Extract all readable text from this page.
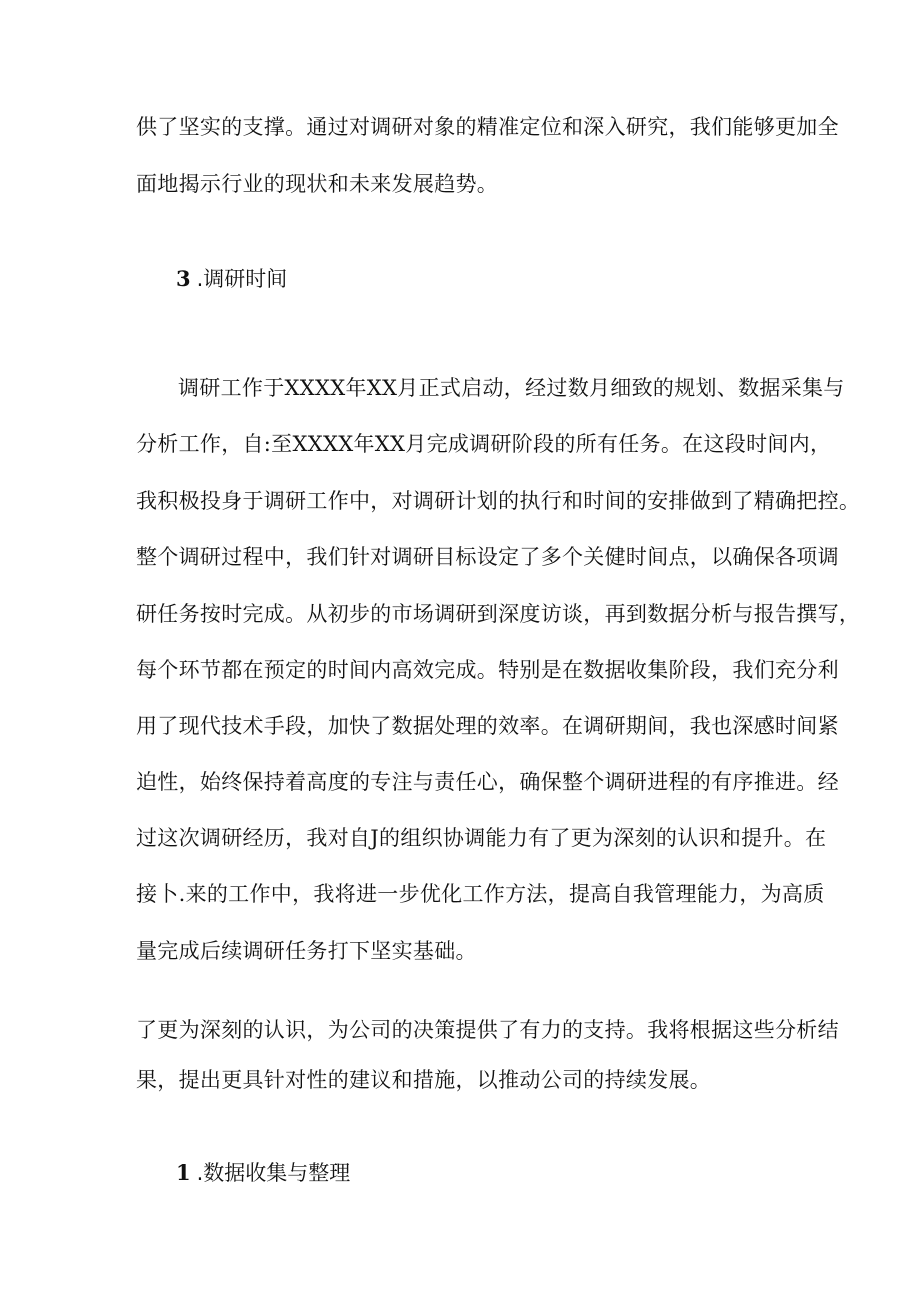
供了坚实的支撑。通过对调研对象的精准定位和深入研究，我们能够更加全
面地揭示行业的现状和未来发展趋势。
3 .调研时间
调研工作于XXXX年XX月正式启动，经过数月细致的规划、数据采集与
分析工作，自:至XXXX年XX月完成调研阶段的所有任务。在这段时间内，
我积极投身于调研工作中，对调研计划的执行和时间的安排做到了精确把控。
整个调研过程中，我们针对调研目标设定了多个关健时间点，以确保各项调
研任务按时完成。从初步的市场调研到深度访谈，再到数据分析与报告撰写，
每个环节都在预定的时间内高效完成。特别是在数据收集阶段，我们充分利
用了现代技术手段，加快了数据处理的效率。在调研期间，我也深感时间紧
迫性，始终保持着高度的专注与责任心，确保整个调研进程的有序推进。经
过这次调研经历，我对自J的组织协调能力有了更为深刻的认识和提升。在
接卜.来的工作中，我将进一步优化工作方法，提高自我管理能力，为高质
量完成后续调研任务打下坚实基础。
了更为深刻的认识，为公司的决策提供了有力的支持。我将根据这些分析结
果，提出更具针对性的建议和措施，以推动公司的持续发展。
1 .数据收集与整理
